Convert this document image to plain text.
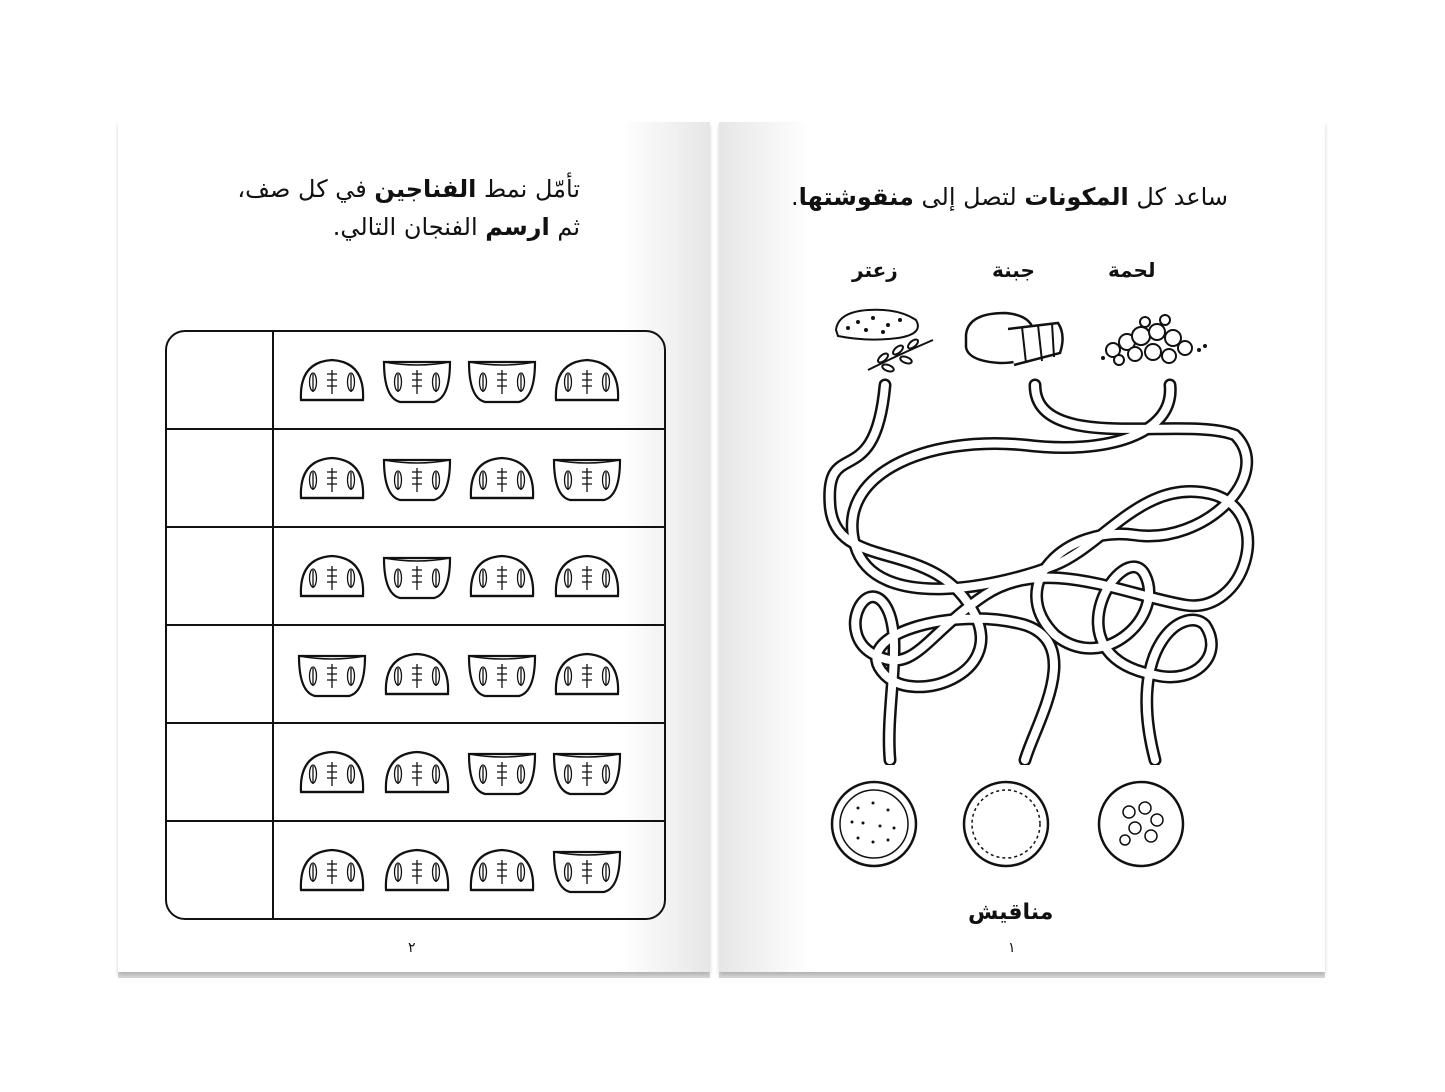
تأمّل نمط الفناجين في كل صف،
ثم ارسم الفنجان التالي.
٢
ساعد كل المكونات لتصل إلى منقوشتها.
لحمة
جبنة
زعتر
مناقيش
١
